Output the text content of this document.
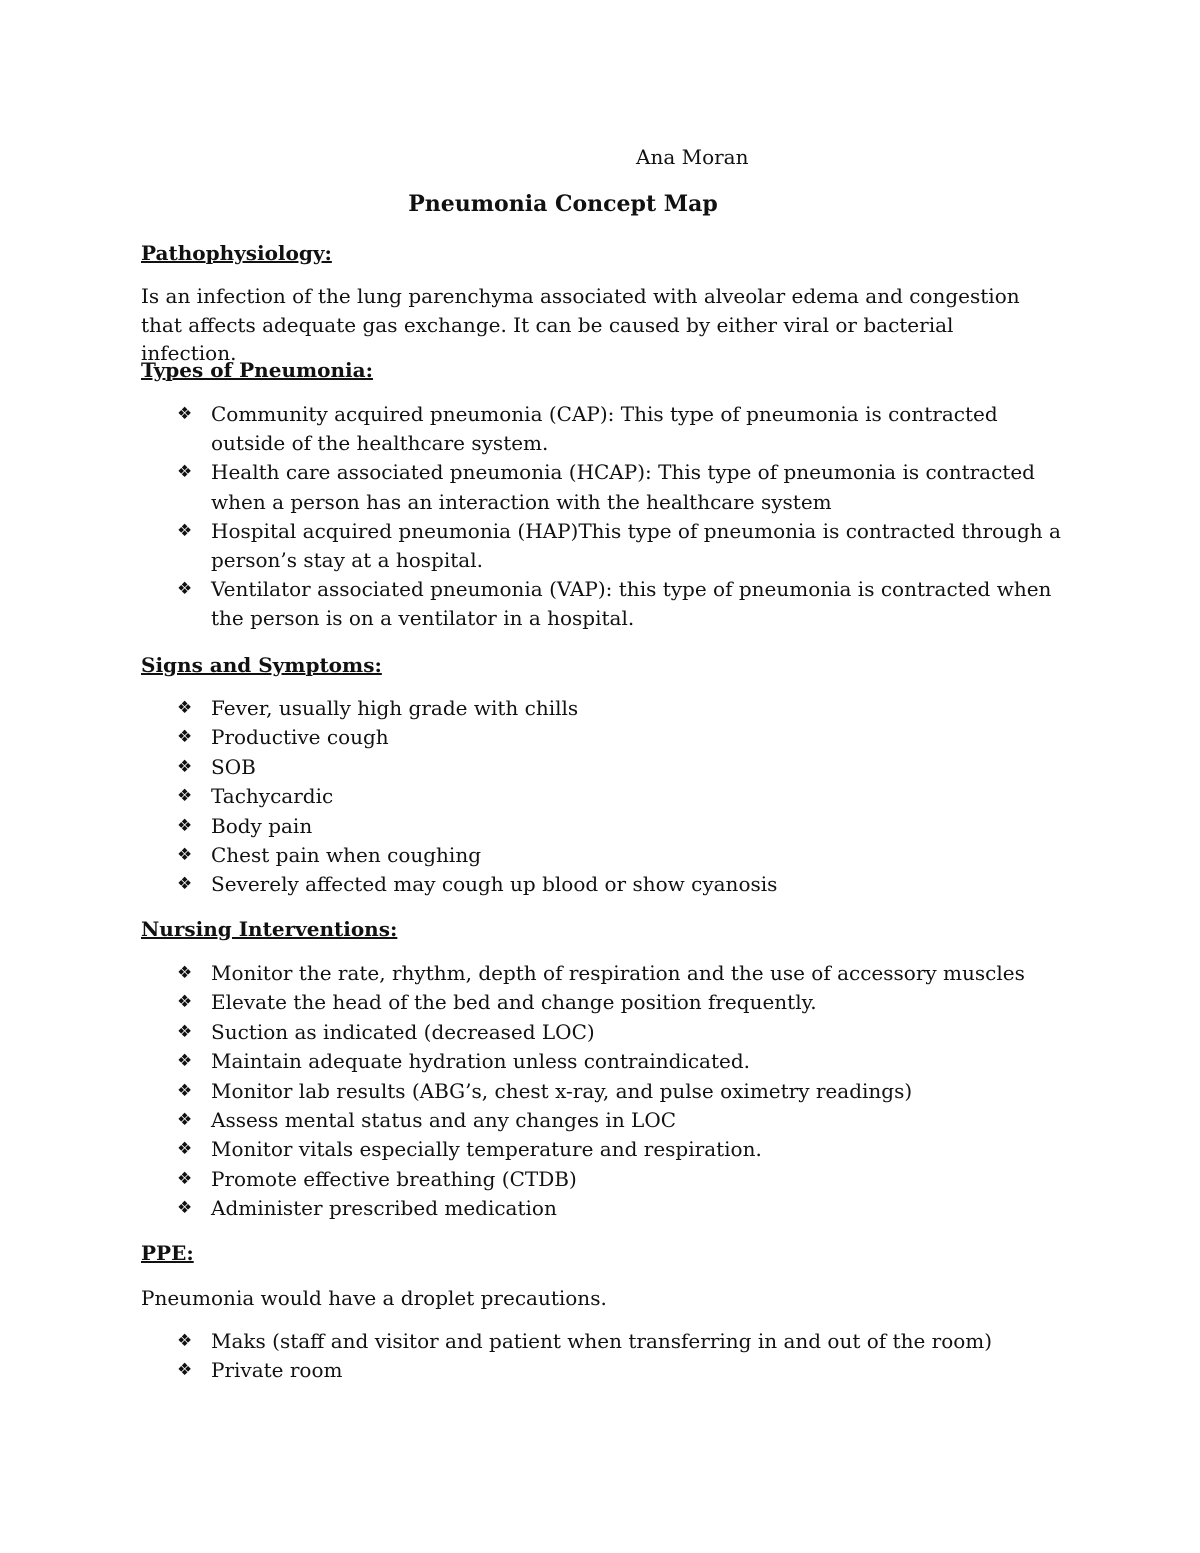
Ana Moran

Pneumonia Concept Map
Pathophysiology:

Is an infection of the lung parenchyma associated with alveolar edema and congestion that affects adequate gas exchange. It can be caused by either viral or bacterial infection.

Types of Pneumonia:
❖ Community acquired pneumonia (CAP): This type of pneumonia is contracted outside of the healthcare system.
❖ Health care associated pneumonia (HCAP): This type of pneumonia is contracted when a person has an interaction with the healthcare system
❖ Hospital acquired pneumonia (HAP)This type of pneumonia is contracted through a person’s stay at a hospital.
❖ Ventilator associated pneumonia (VAP): this type of pneumonia is contracted when the person is on a ventilator in a hospital.
Signs and Symptoms:
❖ Fever, usually high grade with chills
❖ Productive cough
❖ SOB
❖ Tachycardic
❖ Body pain
❖ Chest pain when coughing
❖ Severely affected may cough up blood or show cyanosis
Nursing Interventions:
❖ Monitor the rate, rhythm, depth of respiration and the use of accessory muscles
❖ Elevate the head of the bed and change position frequently.
❖ Suction as indicated (decreased LOC)
❖ Maintain adequate hydration unless contraindicated.
❖ Monitor lab results (ABG’s, chest x-ray, and pulse oximetry readings)
❖ Assess mental status and any changes in LOC
❖ Monitor vitals especially temperature and respiration.
❖ Promote effective breathing (CTDB)
❖ Administer prescribed medication
PPE:

Pneumonia would have a droplet precautions.

❖ Maks (staff and visitor and patient when transferring in and out of the room)
❖ Private room
